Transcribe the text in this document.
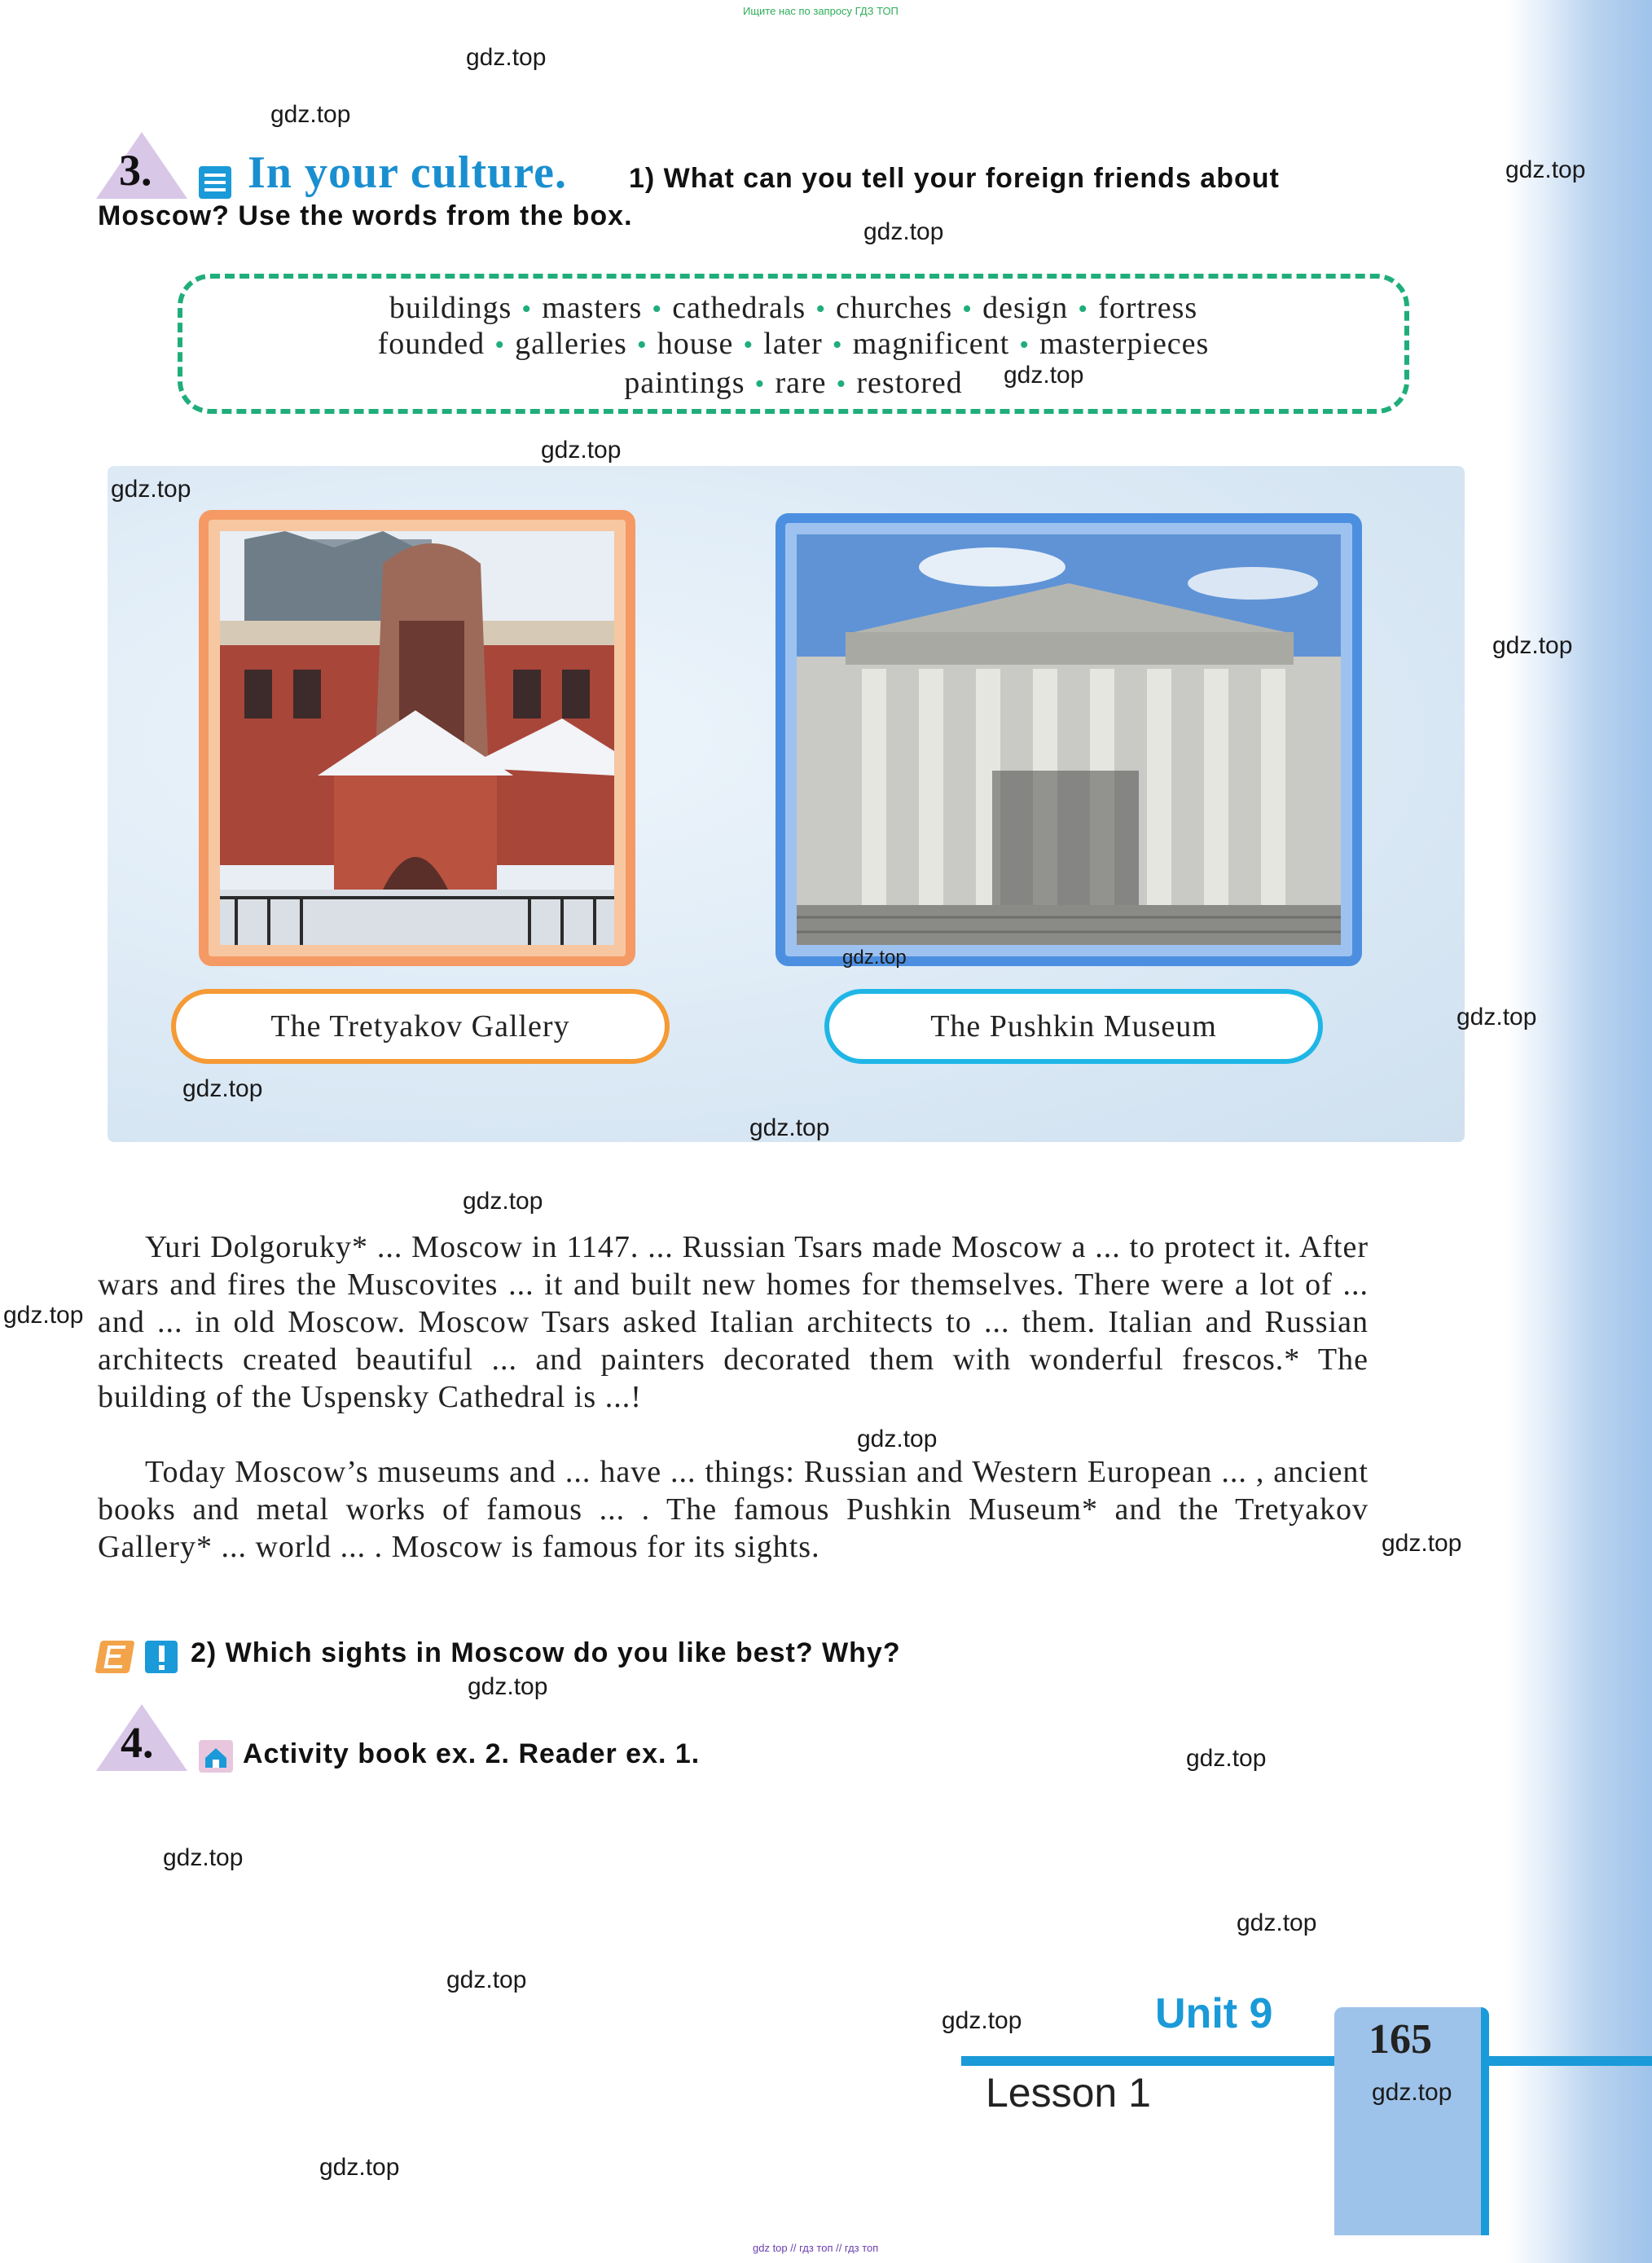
Ищите нас по запросу ГДЗ ТОП
gdz top // гдз топ // гдз топ
3. In your culture. 1) What can you tell your foreign friends about
Moscow? Use the words from the box.
buildings • masters • cathedrals • churches • design • fortress
founded • galleries • house • later • magnificent • masterpieces
paintings • rare • restored
The Tretyakov Gallery	The Pushkin Museum
Yuri Dolgoruky* ... Moscow in 1147. ... Russian Tsars made Moscow a ... to protect it. After wars and fires the Muscovites ... it and built new homes for themselves. There were a lot of ... and ... in old Moscow. Moscow Tsars asked Italian architects to ... them. Italian and Russian architects created beautiful ... and painters decorated them with wonderful frescos.* The building of the Uspensky Cathedral is ...!
Today Moscow’s museums and ... have ... things: Russian and Western European ... , ancient books and metal works of famous ... . The famous Pushkin Museum* and the Tretyakov Gallery* ... world ... . Moscow is famous for its sights.
2) Which sights in Moscow do you like best? Why?
4.	Activity book ex. 2. Reader ex. 1.
Unit 9
Lesson 1
165
gdz.top
gdz.top
gdz.top
gdz.top
gdz.top
gdz.top
gdz.top
gdz.top
gdz.top
gdz.top
gdz.top
gdz.top
gdz.top
gdz.top
gdz.top
gdz.top
gdz.top
gdz.top
gdz.top
gdz.top
gdz.top
gdz.top
gdz.top
gdz.top
